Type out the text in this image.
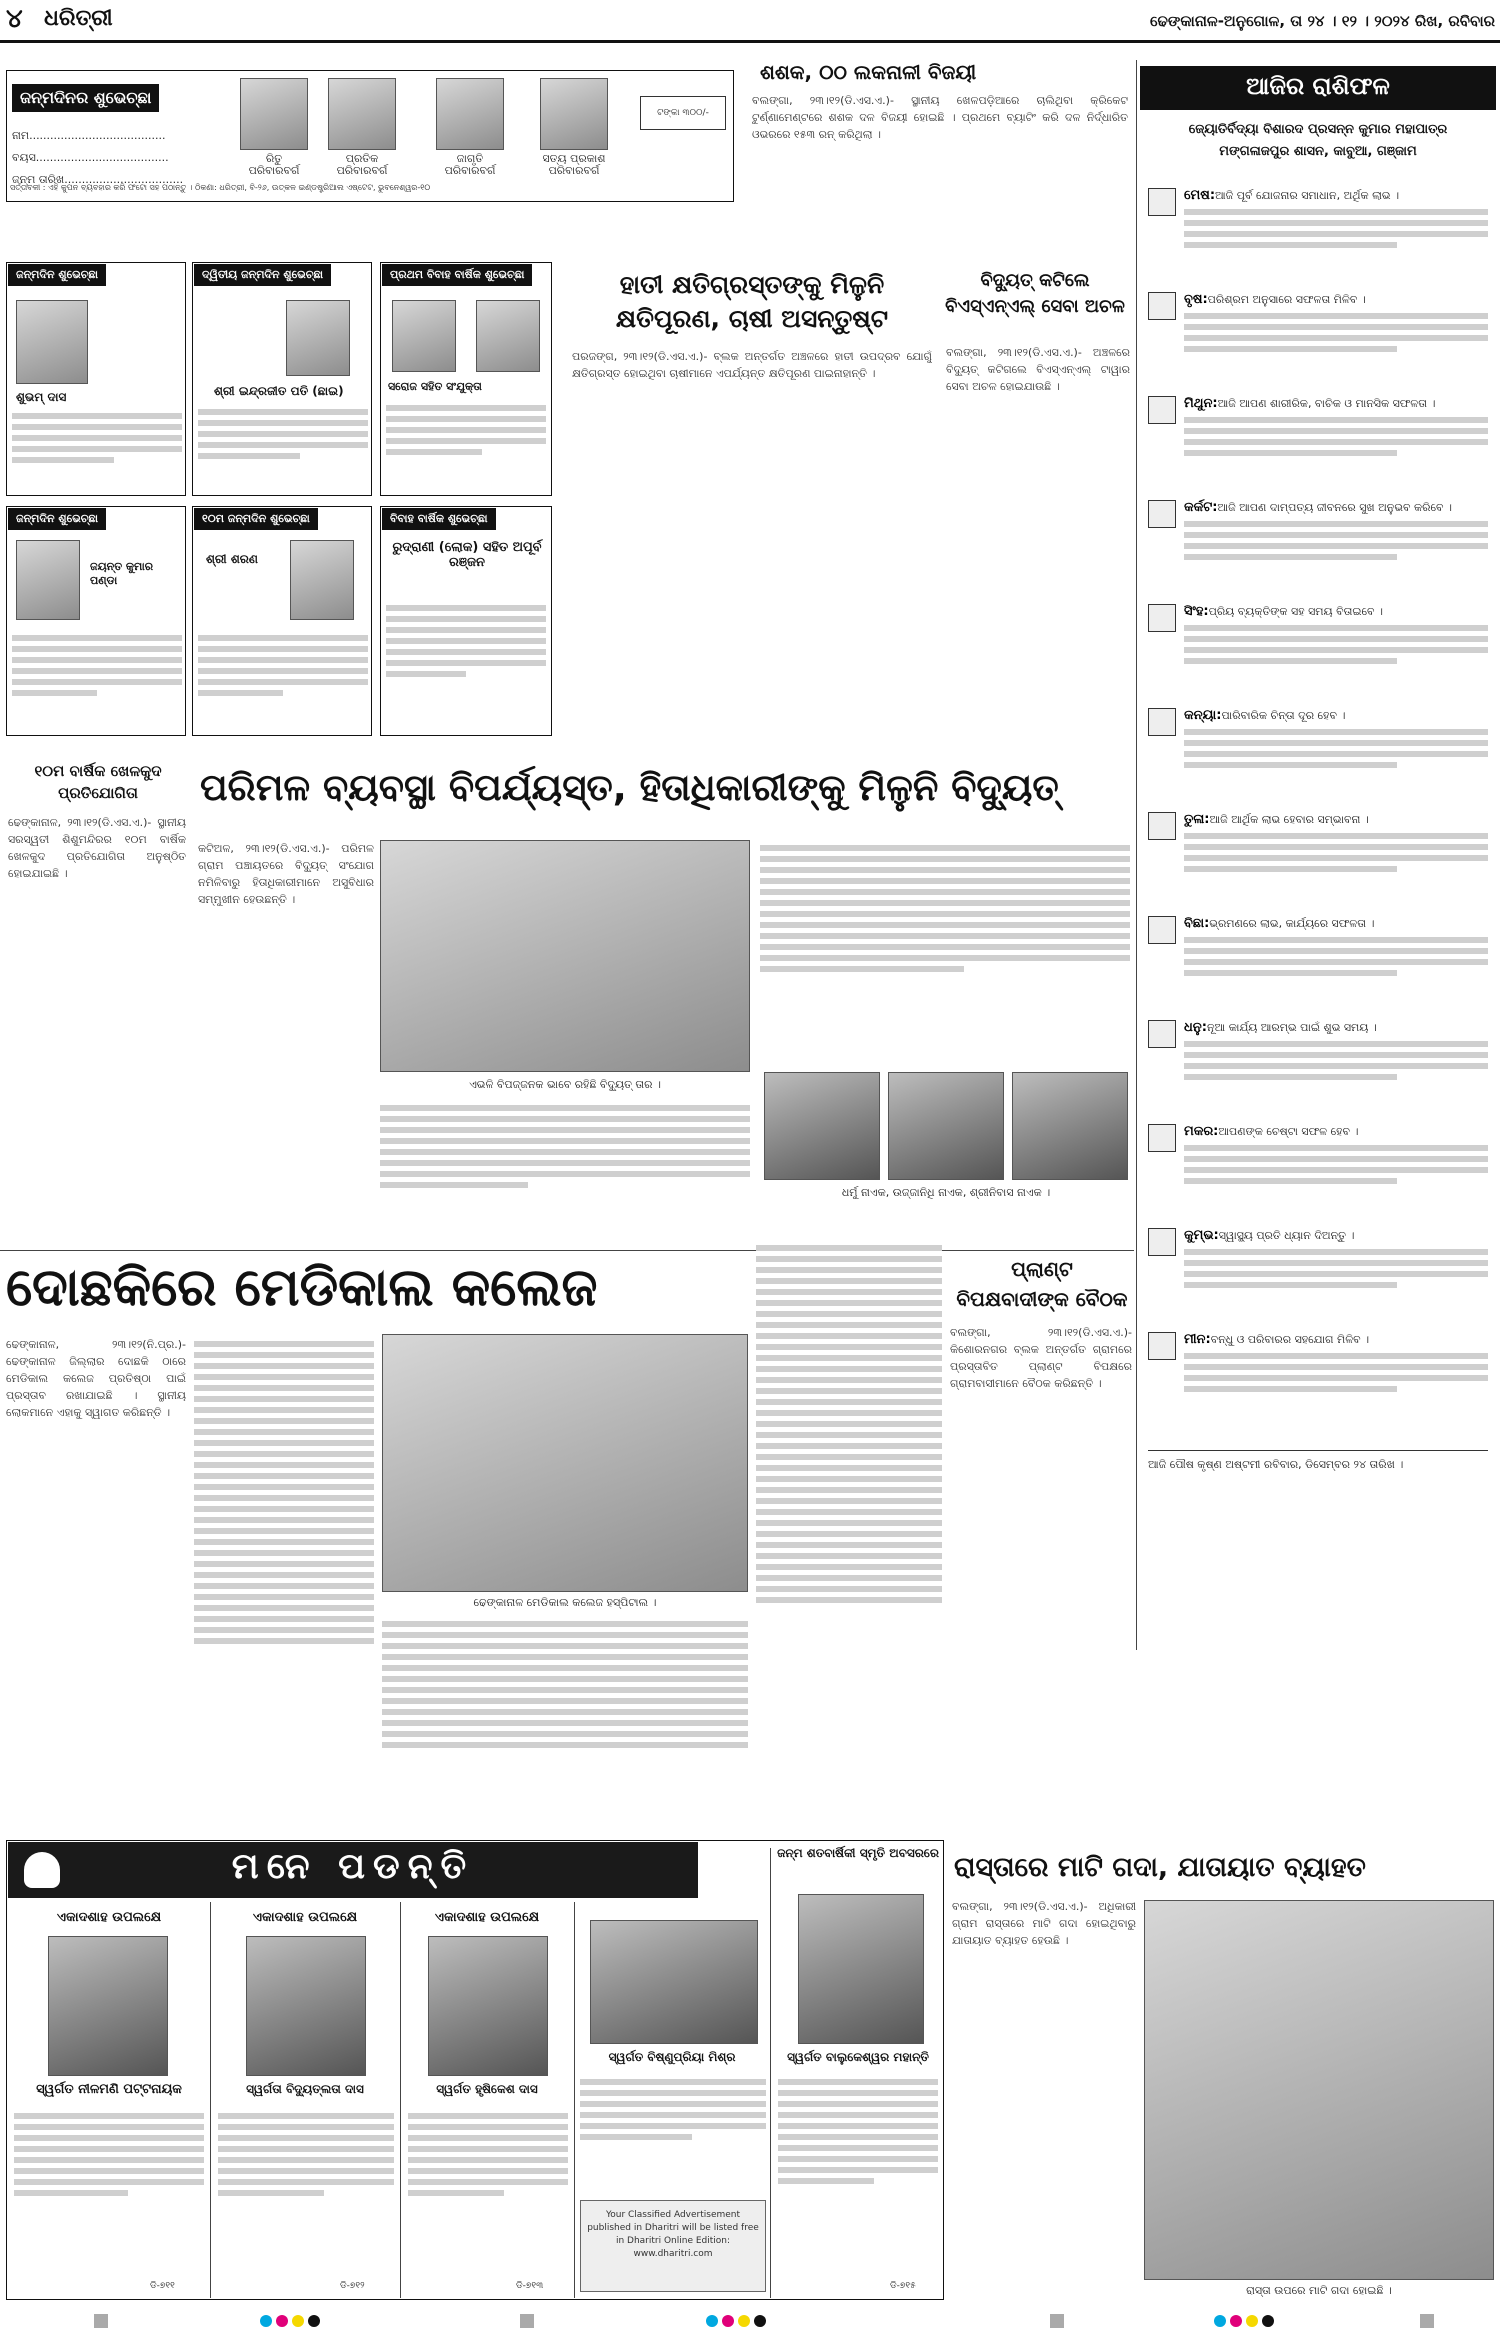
୪ ଧରିତ୍ରୀ	ଢେଙ୍କାନାଳ-ଅନୁଗୋଳ, ତା ୨୪ । ୧୨ । ୨୦୨୪ ରିଖ, ରବିବାର
ଜନ୍ମଦିନର ଶୁଭେଚ୍ଛା
ନାମ.......................................
ବୟସ......................................
ଜନ୍ମ ତାରିଖ..................................
ରିତୁ	ପ୍ରତିକ	ଜାଗୃତି	ସତ୍ୟ ପ୍ରକାଶ
ପରିବାରବର୍ଗ	ପରିବାରବର୍ଗ	ପରିବାରବର୍ଗ	ପରିବାରବର୍ଗ
ଟଙ୍କା ୩୦୦/-
ସର୍ତ୍ତାବଳୀ : ଏହି କୁପନ ବ୍ୟବହାର କରି ଫଟୋ ସହ ପଠାନ୍ତୁ । ଠିକଣା: ଧରିତ୍ରୀ, ବି-୨୬, ଉତ୍କଳ ଇଣ୍ଡଷ୍ଟ୍ରିଆଲ ଏଷ୍ଟେଟ, ଭୁବନେଶ୍ୱର-୧୦
ଜନ୍ମଦିନ ଶୁଭେଚ୍ଛା
ଶୁଭମ୍ ଦାସ
ଦ୍ୱିତୀୟ ଜନ୍ମଦିନ ଶୁଭେଚ୍ଛା
ଶ୍ରୀ ଇନ୍ଦ୍ରଜୀତ ପତି (ଛାଇ)
ପ୍ରଥମ ବିବାହ ବାର୍ଷିକ ଶୁଭେଚ୍ଛା
ସରୋଜ ସହିତ ସଂଯୁକ୍ତା
ଜନ୍ମଦିନ ଶୁଭେଚ୍ଛା
ଜୟନ୍ତ କୁମାର ପଣ୍ଡା
୧୦ମ ଜନ୍ମଦିନ ଶୁଭେଚ୍ଛା
ଶ୍ରୀ ଶରଣ
ବିବାହ ବାର୍ଷିକ ଶୁଭେଚ୍ଛା
ରୁଦ୍ରାଣୀ (ଲୋକ) ସହିତ ଅପୂର୍ବ ରଞ୍ଜନ
ଶଶକ, ୦ଠ ଲକନାଳୀ ବିଜୟୀ
ବଲଙ୍ଗା, ୨୩।୧୨(ଡି.ଏସ.ଏ.)- ସ୍ଥାନୀୟ ଖେଳପଡ଼ିଆରେ ଚାଲିଥିବା କ୍ରିକେଟ ଟୁର୍ଣ୍ଣାମେଣ୍ଟରେ ଶଶକ ଦଳ ବିଜୟୀ ହୋଇଛି । ପ୍ରଥମେ ବ୍ୟାଟିଂ କରି ଦଳ ନିର୍ଦ୍ଧାରିତ ଓଭରରେ ୧୫୩ ରନ୍ କରିଥିଲା ।
ହାତୀ କ୍ଷତିଗ୍ରସ୍ତଙ୍କୁ ମିଳୁନି କ୍ଷତିପୂରଣ, ଚାଷୀ ଅସନ୍ତୁଷ୍ଟ
ପରଜଙ୍ଗ, ୨୩।୧୨(ଡି.ଏସ.ଏ.)- ବ୍ଲକ ଅନ୍ତର୍ଗତ ଅଞ୍ଚଳରେ ହାତୀ ଉପଦ୍ରବ ଯୋଗୁଁ କ୍ଷତିଗ୍ରସ୍ତ ହୋଇଥିବା ଚାଷୀମାନେ ଏପର୍ଯ୍ୟନ୍ତ କ୍ଷତିପୂରଣ ପାଇନାହାନ୍ତି ।
ବିଦ୍ୟୁତ୍ କଟିଲେ ବିଏସ୍‌ଏନ୍‌ଏଲ୍ ସେବା ଅଚଳ
ବଲଙ୍ଗା, ୨୩।୧୨(ଡି.ଏସ.ଏ.)- ଅଞ୍ଚଳରେ ବିଦ୍ୟୁତ୍ କଟିଗଲେ ବିଏସ୍‌ଏନ୍‌ଏଲ୍ ଟାୱାର ସେବା ଅଚଳ ହୋଇଯାଉଛି ।
ଆଜିର ରାଶିଫଳ
ଜ୍ୟୋତିର୍ବିଦ୍ୟା ବିଶାରଦ ପ୍ରସନ୍ନ କୁମାର ମହାପାତ୍ର
ମଙ୍ଗଳାଜପୁର ଶାସନ, କାବୁଆ, ଗଞ୍ଜାମ
ମେଷ:ଆଜି ପୂର୍ବ ଯୋଜନାର ସମାଧାନ, ଅର୍ଥିକ ଲାଭ ।
ବୃଷ:ପରିଶ୍ରମ ଅନୁସାରେ ସଫଳତା ମିଳିବ ।
ମିଥୁନ:ଆଜି ଆପଣ ଶାରୀରିକ, ବାଚିକ ଓ ମାନସିକ ସଫଳତା ।
କର୍କଟ:ଆଜି ଆପଣ ଦାମ୍ପତ୍ୟ ଜୀବନରେ ସୁଖ ଅନୁଭବ କରିବେ ।
ସିଂହ:ପ୍ରିୟ ବ୍ୟକ୍ତିଙ୍କ ସହ ସମୟ ବିତାଇବେ ।
କନ୍ୟା:ପାରିବାରିକ ଚିନ୍ତା ଦୂର ହେବ ।
ତୁଳା:ଆଜି ଆର୍ଥିକ ଲାଭ ହେବାର ସମ୍ଭାବନା ।
ବିଛା:ଭ୍ରମଣରେ ଲାଭ, କାର୍ଯ୍ୟରେ ସଫଳତା ।
ଧନୁ:ନୂଆ କାର୍ଯ୍ୟ ଆରମ୍ଭ ପାଇଁ ଶୁଭ ସମୟ ।
ମକର:ଆପଣଙ୍କ ଚେଷ୍ଟା ସଫଳ ହେବ ।
କୁମ୍ଭ:ସ୍ୱାସ୍ଥ୍ୟ ପ୍ରତି ଧ୍ୟାନ ଦିଅନ୍ତୁ ।
ମୀନ:ବନ୍ଧୁ ଓ ପରିବାରର ସହଯୋଗ ମିଳିବ ।
ଆଜି ପୌଷ କୃଷ୍ଣ ଅଷ୍ଟମୀ ରବିବାର, ଡିସେମ୍ବର ୨୪ ତାରିଖ ।
୧୦ମ ବାର୍ଷିକ ଖେଳକୁଦ ପ୍ରତିଯୋଗିତା
ଢେଙ୍କାନାଳ, ୨୩।୧୨(ଡି.ଏସ.ଏ.)- ସ୍ଥାନୀୟ ସରସ୍ୱତୀ ଶିଶୁମନ୍ଦିରର ୧୦ମ ବାର୍ଷିକ ଖେଳକୁଦ ପ୍ରତିଯୋଗିତା ଅନୁଷ୍ଠିତ ହୋଇଯାଇଛି ।
ପରିମଳ ବ୍ୟବସ୍ଥା ବିପର୍ଯ୍ୟସ୍ତ, ହିତାଧିକାରୀଙ୍କୁ ମିଳୁନି ବିଦ୍ୟୁତ୍
ଏଭଳି ବିପଜ୍ଜନକ ଭାବେ ରହିଛି ବିଦ୍ୟୁତ୍ ତାର ।
କଟିଅଳ, ୨୩।୧୨(ଡି.ଏସ.ଏ.)- ପରିମଳ ଗ୍ରାମ ପଞ୍ଚାୟତରେ ବିଦ୍ୟୁତ୍ ସଂଯୋଗ ନମିଳିବାରୁ ହିତାଧିକାରୀମାନେ ଅସୁବିଧାର ସମ୍ମୁଖୀନ ହେଉଛନ୍ତି ।
ଧର୍ମୁ ନାଏକ, ଉଜ୍ଜାନିଧି ନାଏକ, ଶ୍ରୀନିବାସ ନାଏକ ।
ଦୋଛକିରେ ମେଡିକାଲ କଲେଜ
ଢେଙ୍କାନାଳ, ୨୩।୧୨(ନି.ପ୍ର.)- ଢେଙ୍କାନାଳ ଜିଲ୍ଲାର ଦୋଛକି ଠାରେ ମେଡିକାଲ କଲେଜ ପ୍ରତିଷ୍ଠା ପାଇଁ ପ୍ରସ୍ତାବ ରଖାଯାଇଛି । ସ୍ଥାନୀୟ ଲୋକମାନେ ଏହାକୁ ସ୍ୱାଗତ କରିଛନ୍ତି ।
ଢେଙ୍କାନାଳ ମେଡିକାଲ କଲେଜ ହସ୍ପିଟାଲ ।
ପ୍ଲାଣ୍ଟ ବିପକ୍ଷବାଦୀଙ୍କ ବୈଠକ
ବଲଙ୍ଗା, ୨୩।୧୨(ଡି.ଏସ.ଏ.)- କିଶୋରନଗର ବ୍ଲକ ଅନ୍ତର୍ଗତ ଗ୍ରାମରେ ପ୍ରସ୍ତାବିତ ପ୍ଲାଣ୍ଟ ବିପକ୍ଷରେ ଗ୍ରାମବାସୀମାନେ ବୈଠକ କରିଛନ୍ତି ।
ମନେ ପଡନ୍ତି
ଏକାଦଶାହ ଉପଲକ୍ଷେ
ସ୍ୱର୍ଗତ ନୀଳମଣି ପଟ୍ଟନାୟକ
ଡି-୭୧୧
ଏକାଦଶାହ ଉପଲକ୍ଷେ
ସ୍ୱର୍ଗତା ବିଦ୍ୟୁତ୍‌ଲତା ଦାସ
ଡି-୭୧୨
ଏକାଦଶାହ ଉପଲକ୍ଷେ
ସ୍ୱର୍ଗତ ହୃଷିକେଶ ଦାସ
ଡି-୭୧୩
ସ୍ୱର୍ଗତ ବିଷ୍ଣୁପ୍ରିୟା ମିଶ୍ର
Your Classified Advertisement published in Dharitri will be listed free in Dharitri Online Edition: www.dharitri.com
ଜନ୍ମ ଶତବାର୍ଷିକୀ ସ୍ମୃତି ଅବସରରେ
ସ୍ୱର୍ଗତ ବାଲୁକେଶ୍ୱର ମହାନ୍ତି
ଡି-୭୧୫
ରାସ୍ତାରେ ମାଟି ଗଦା, ଯାତାୟାତ ବ୍ୟାହତ
ବଲଙ୍ଗା, ୨୩।୧୨(ଡି.ଏସ.ଏ.)- ଅଧିକାରୀ ଗ୍ରାମ ରାସ୍ତାରେ ମାଟି ଗଦା ହୋଇଥିବାରୁ ଯାତାୟାତ ବ୍ୟାହତ ହେଉଛି ।
ରାସ୍ତା ଉପରେ ମାଟି ଗଦା ହୋଇଛି ।
